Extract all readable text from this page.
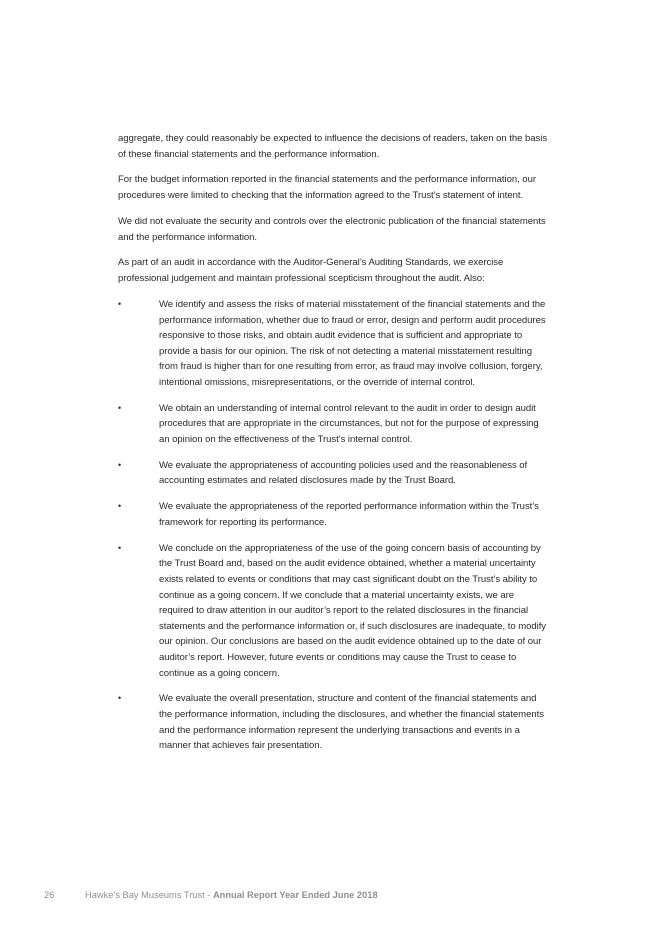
aggregate, they could reasonably be expected to influence the decisions of readers, taken on the basis of these financial statements and the performance information.

For the budget information reported in the financial statements and the performance information, our procedures were limited to checking that the information agreed to the Trust’s statement of intent.

We did not evaluate the security and controls over the electronic publication of the financial statements and the performance information.

As part of an audit in accordance with the Auditor-General’s Auditing Standards, we exercise professional judgement and maintain professional scepticism throughout the audit. Also:

•	We identify and assess the risks of material misstatement of the financial statements and the performance information, whether due to fraud or error, design and perform audit procedures responsive to those risks, and obtain audit evidence that is sufficient and appropriate to provide a basis for our opinion. The risk of not detecting a material misstatement resulting from fraud is higher than for one resulting from error, as fraud may involve collusion, forgery, intentional omissions, misrepresentations, or the override of internal control.
•	We obtain an understanding of internal control relevant to the audit in order to design audit procedures that are appropriate in the circumstances, but not for the purpose of expressing an opinion on the effectiveness of the Trust’s internal control.
•	We evaluate the appropriateness of accounting policies used and the reasonableness of accounting estimates and related disclosures made by the Trust Board.
•	We evaluate the appropriateness of the reported performance information within the Trust’s framework for reporting its performance.
•	We conclude on the appropriateness of the use of the going concern basis of accounting by the Trust Board and, based on the audit evidence obtained, whether a material uncertainty exists related to events or conditions that may cast significant doubt on the Trust’s ability to continue as a going concern. If we conclude that a material uncertainty exists, we are required to draw attention in our auditor’s report to the related disclosures in the financial statements and the performance information or, if such disclosures are inadequate, to modify our opinion. Our conclusions are based on the audit evidence obtained up to the date of our auditor’s report. However, future events or conditions may cause the Trust to cease to continue as a going concern.
•	We evaluate the overall presentation, structure and content of the financial statements and the performance information, including the disclosures, and whether the financial statements and the performance information represent the underlying transactions and events in a manner that achieves fair presentation.
26	Hawke’s Bay Museums Trust - Annual Report Year Ended June 2018
